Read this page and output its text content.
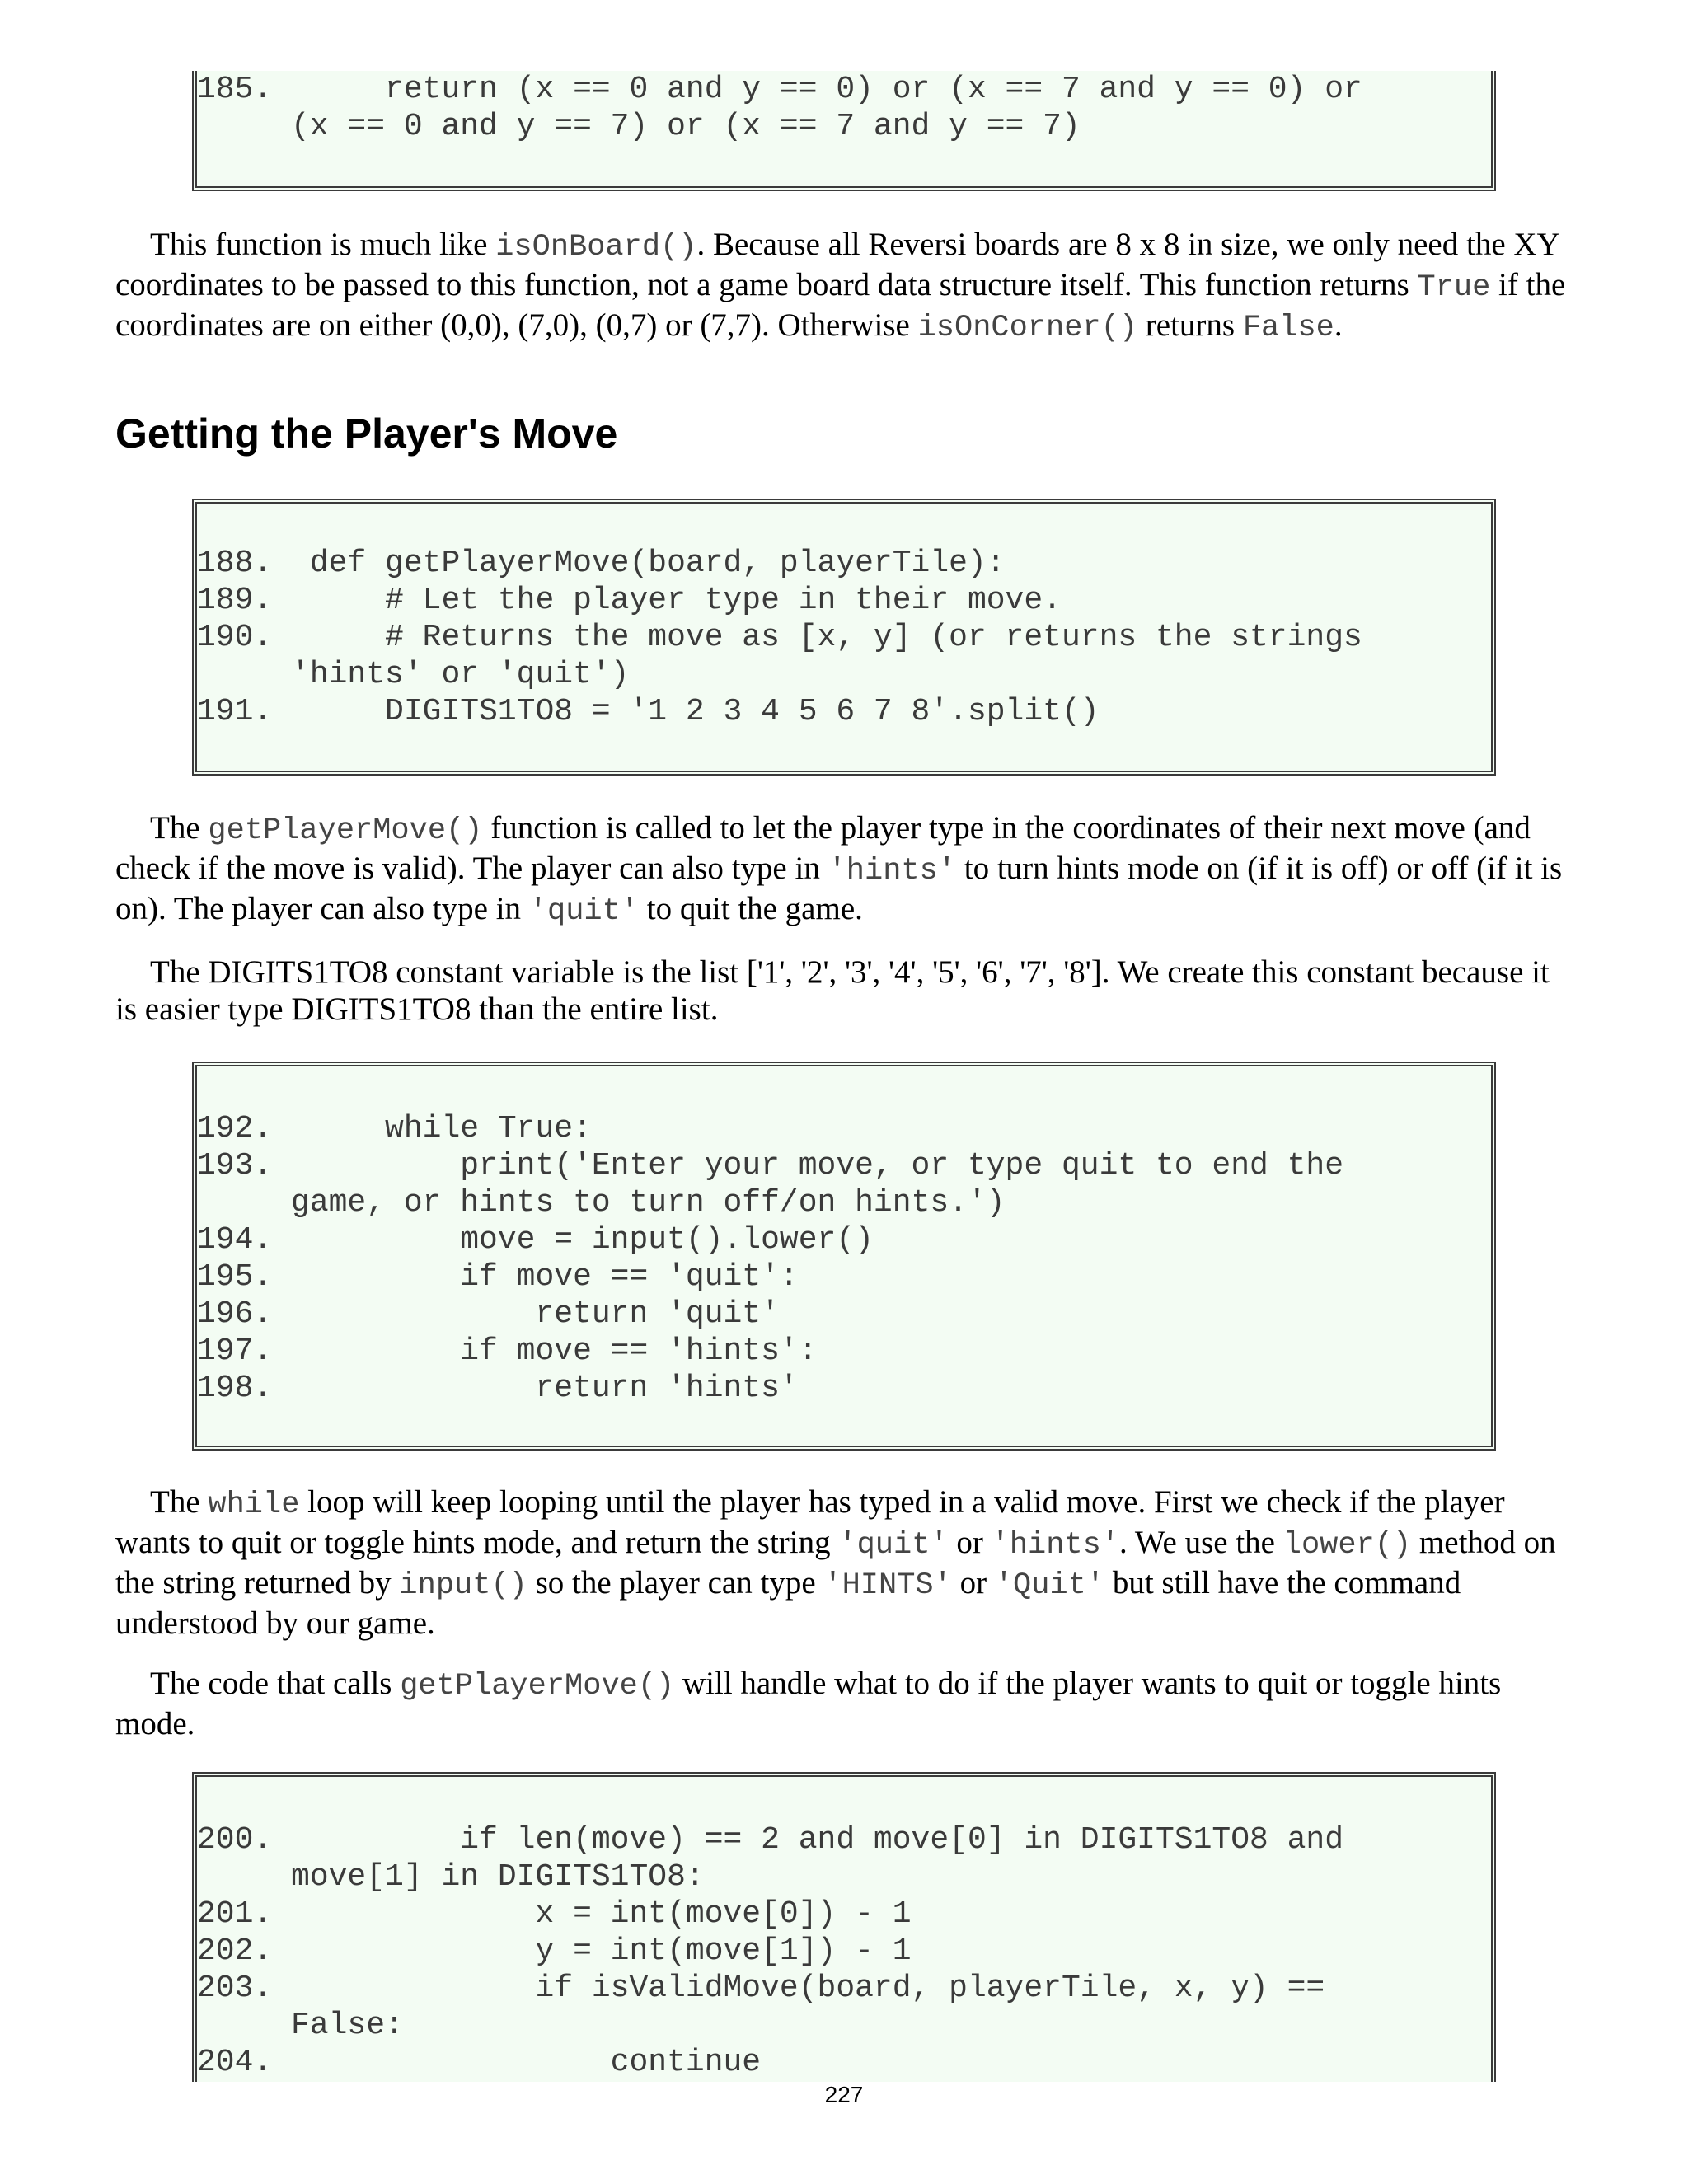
185.      return (x == 0 and y == 0) or (x == 7 and y == 0) or
(x == 0 and y == 7) or (x == 7 and y == 7)

This function is much like isOnBoard(). Because all Reversi boards are 8 x 8 in size, we only need the XY coordinates to be passed to this function, not a game board data structure itself. This function returns True if the coordinates are on either (0,0), (7,0), (0,7) or (7,7). Otherwise isOnCorner() returns False.

Getting the Player's Move
188.  def getPlayerMove(board, playerTile):
189.      # Let the player type in their move.
190.      # Returns the move as [x, y] (or returns the strings
'hints' or 'quit')
191.      DIGITS1TO8 = '1 2 3 4 5 6 7 8'.split()

The getPlayerMove() function is called to let the player type in the coordinates of their next move (and check if the move is valid). The player can also type in 'hints' to turn hints mode on (if it is off) or off (if it is on). The player can also type in 'quit' to quit the game.

The DIGITS1TO8 constant variable is the list ['1', '2', '3', '4', '5', '6', '7', '8']. We create this constant because it is easier type DIGITS1TO8 than the entire list.

192.      while True:
193.          print('Enter your move, or type quit to end the
game, or hints to turn off/on hints.')
194.          move = input().lower()
195.          if move == 'quit':
196.              return 'quit'
197.          if move == 'hints':
198.              return 'hints'

The while loop will keep looping until the player has typed in a valid move. First we check if the player wants to quit or toggle hints mode, and return the string 'quit' or 'hints'. We use the lower() method on the string returned by input() so the player can type 'HINTS' or 'Quit' but still have the command understood by our game.

The code that calls getPlayerMove() will handle what to do if the player wants to quit or toggle hints mode.

200.          if len(move) == 2 and move[0] in DIGITS1TO8 and
move[1] in DIGITS1TO8:
201.              x = int(move[0]) - 1
202.              y = int(move[1]) - 1
203.              if isValidMove(board, playerTile, x, y) ==
False:
204.                  continue
227
